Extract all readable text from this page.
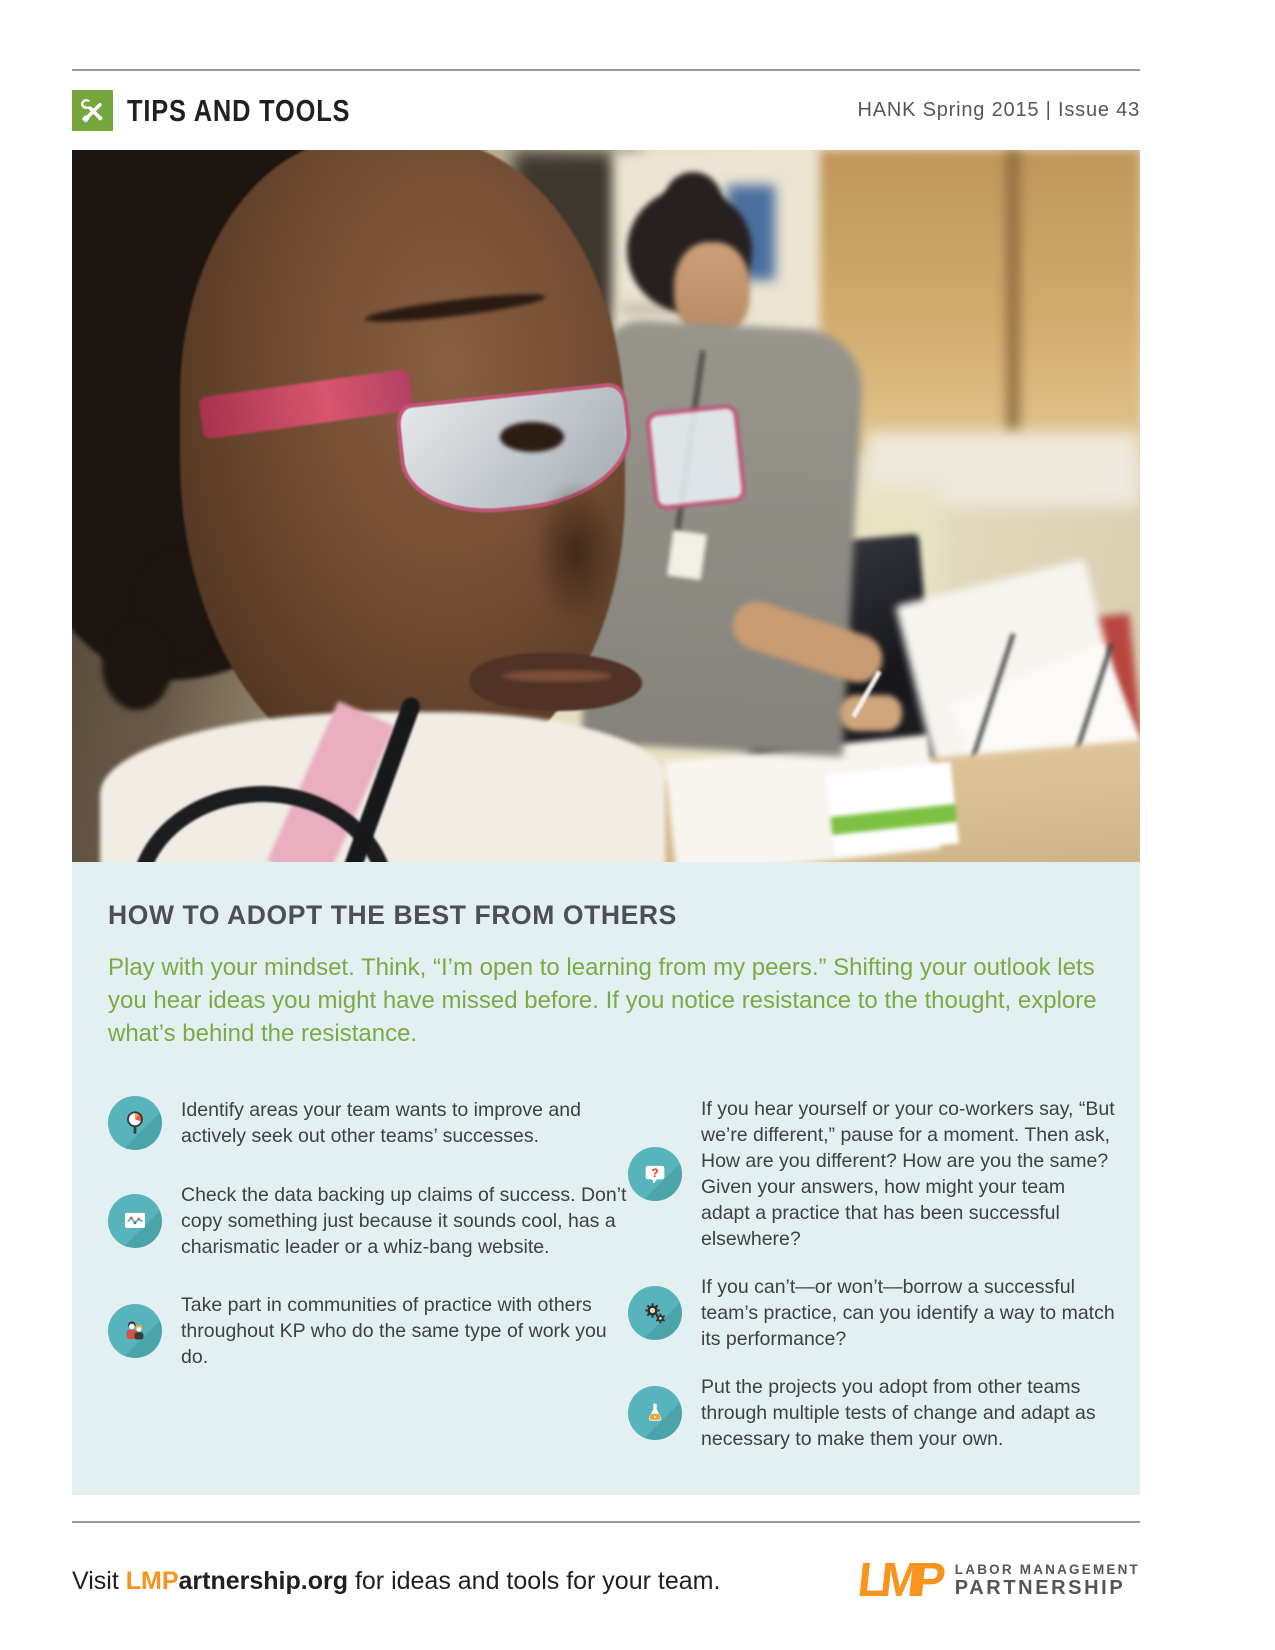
TIPS AND TOOLS	HANK Spring 2015 | Issue 43
HOW TO ADOPT THE BEST FROM OTHERS

Play with your mindset. Think, “I’m open to learning from my peers.” Shifting your outlook lets you hear ideas you might have missed before. If you notice resistance to the thought, explore what’s behind the resistance.

Identify areas your team wants to improve and actively seek out other teams’ successes.

Check the data backing up claims of success. Don’t copy something just because it sounds cool, has a charismatic leader or a whiz-bang website.

Take part in communities of practice with others throughout KP who do the same type of work you do.

?

If you hear yourself or your co-workers say, “But we’re different,” pause for a moment. Then ask, How are you different? How are you the same? Given your answers, how might your team adapt a practice that has been successful elsewhere?

If you can’t—or won’t—borrow a successful team’s practice, can you identify a way to match its performance?

Put the projects you adopt from other teams through multiple tests of change and adapt as necessary to make them your own.

Visit LMPartnership.org for ideas and tools for your team.	LMP LABOR MANAGEMENT
PARTNERSHIP
